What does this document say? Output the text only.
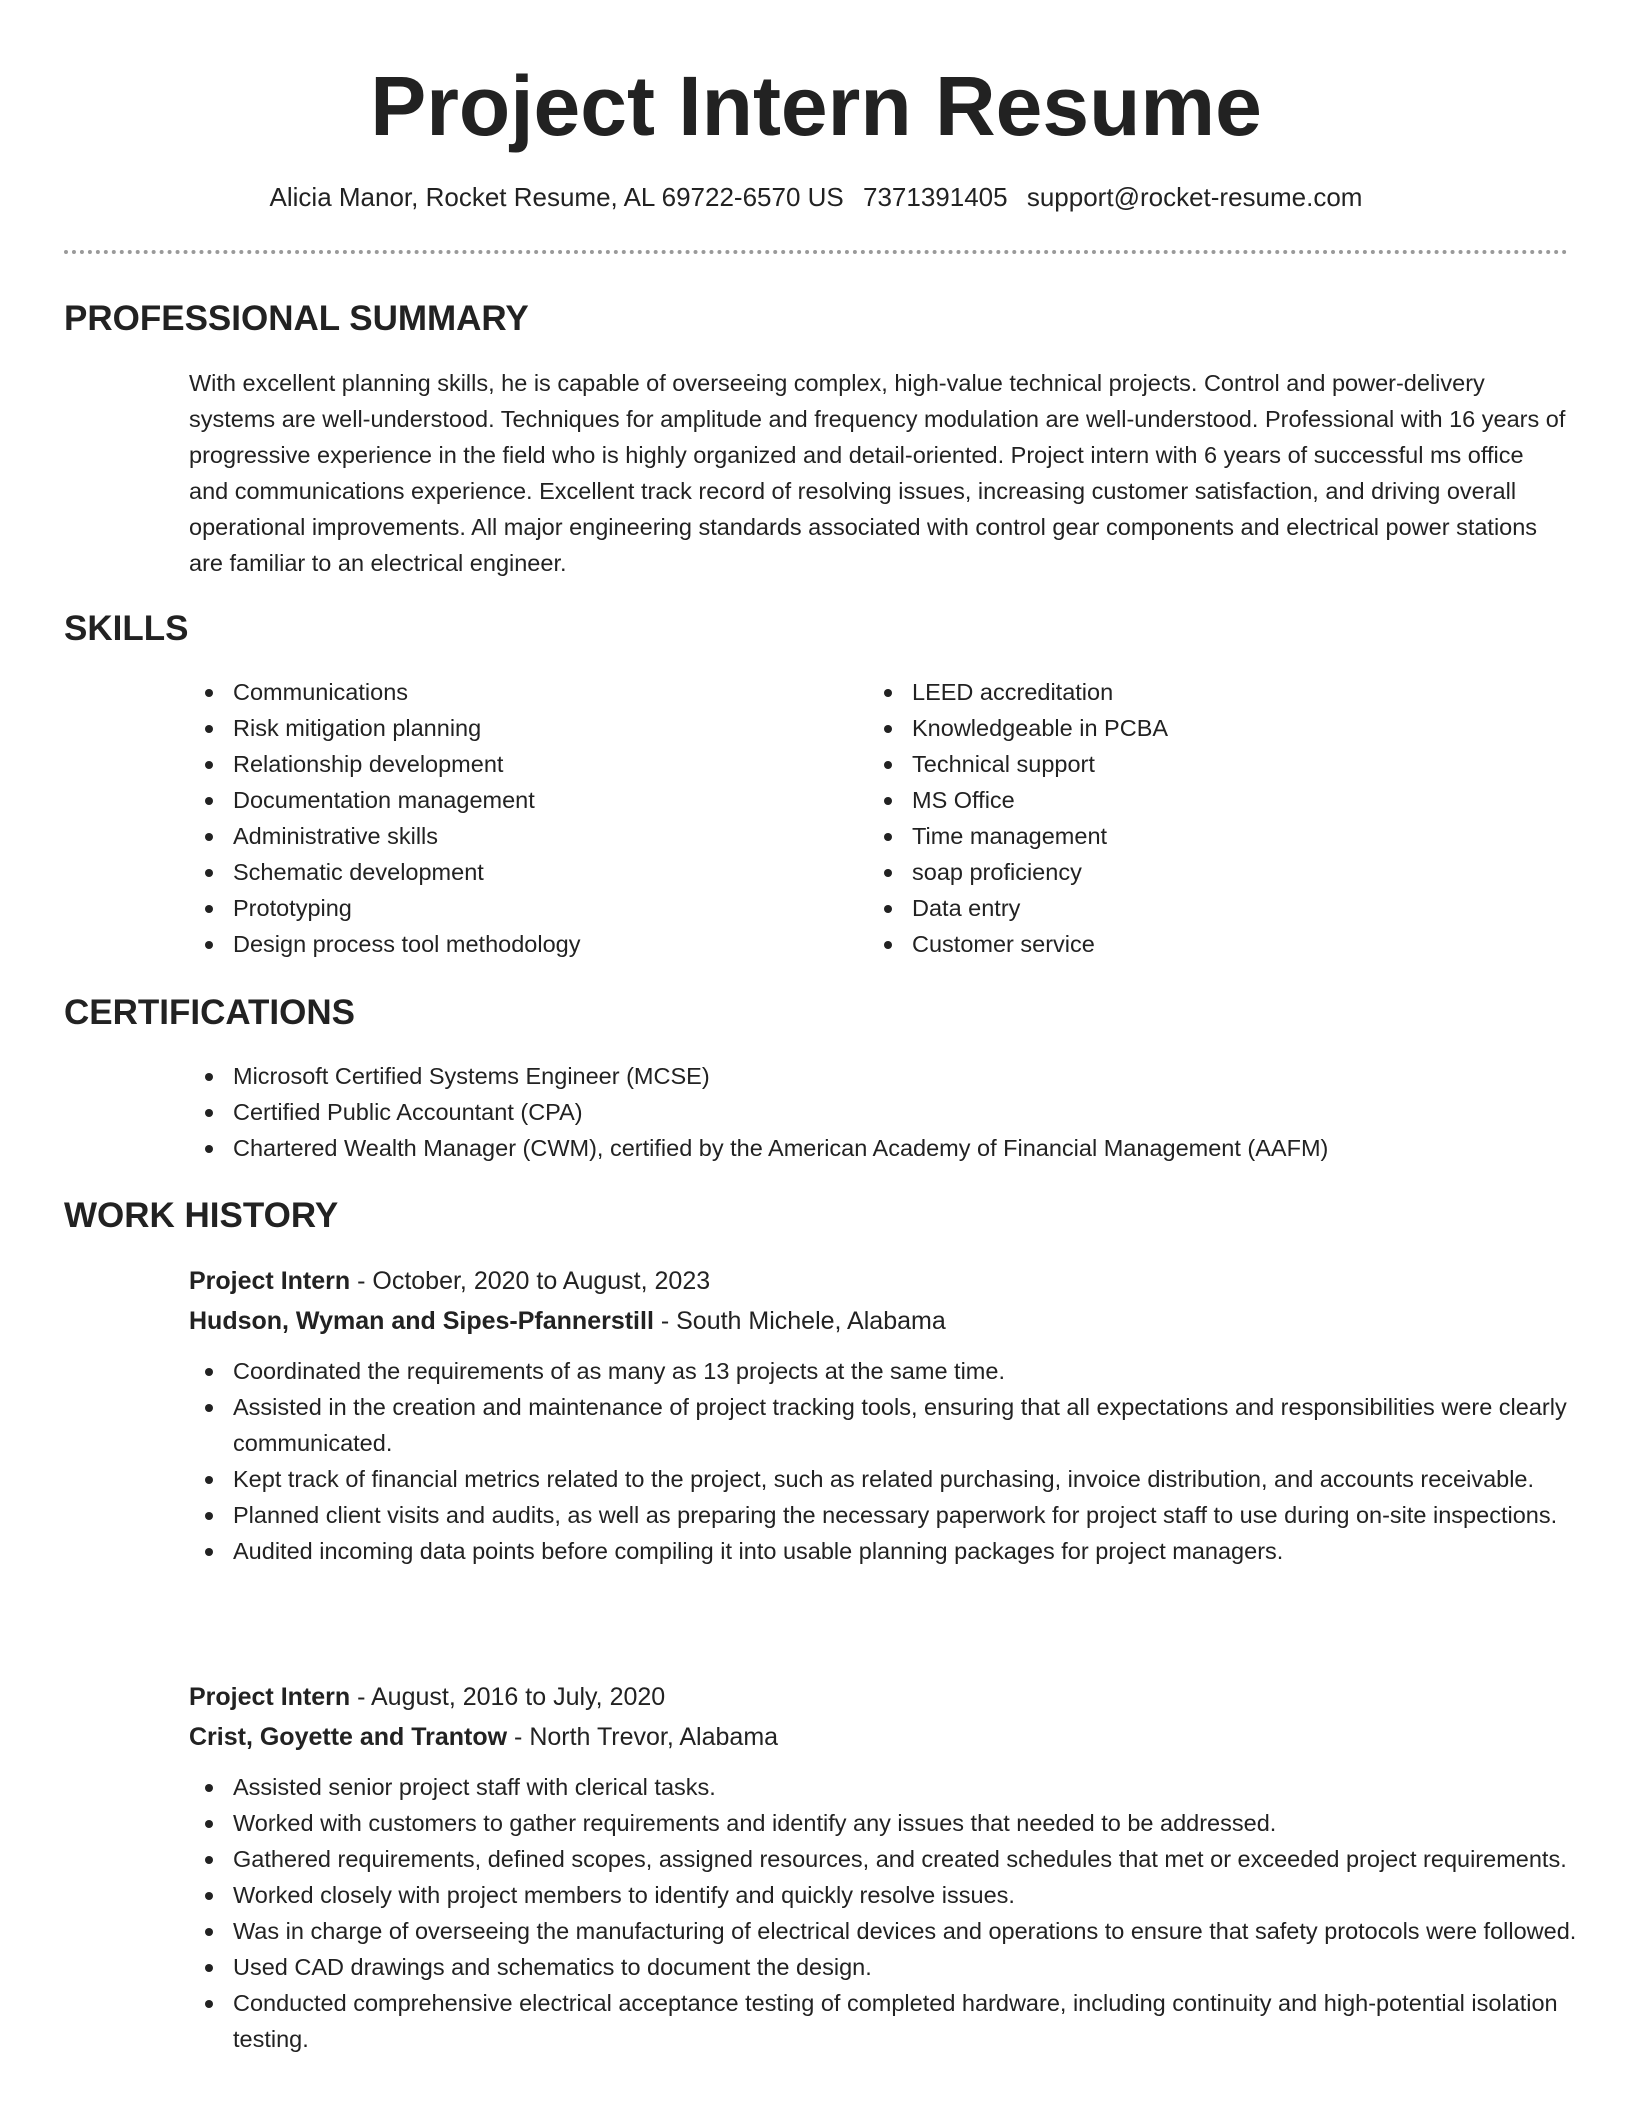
Project Intern Resume
Alicia Manor, Rocket Resume, AL 69722-6570 US 7371391405 support@rocket-resume.com
PROFESSIONAL SUMMARY

With excellent planning skills, he is capable of overseeing complex, high-value technical projects. Control and power-delivery systems are well-understood. Techniques for amplitude and frequency modulation are well-understood. Professional with 16 years of progressive experience in the field who is highly organized and detail-oriented. Project intern with 6 years of successful ms office and communications experience. Excellent track record of resolving issues, increasing customer satisfaction, and driving overall operational improvements. All major engineering standards associated with control gear components and electrical power stations are familiar to an electrical engineer.

SKILLS
Communications
Risk mitigation planning
Relationship development
Documentation management
Administrative skills
Schematic development
Prototyping
Design process tool methodology
LEED accreditation
Knowledgeable in PCBA
Technical support
MS Office
Time management
soap proficiency
Data entry
Customer service
CERTIFICATIONS
Microsoft Certified Systems Engineer (MCSE)
Certified Public Accountant (CPA)
Chartered Wealth Manager (CWM), certified by the American Academy of Financial Management (AAFM)
WORK HISTORY

Project Intern - October, 2020 to August, 2023

Hudson, Wyman and Sipes-Pfannerstill - South Michele, Alabama

Coordinated the requirements of as many as 13 projects at the same time.
Assisted in the creation and maintenance of project tracking tools, ensuring that all expectations and responsibilities were clearly communicated.
Kept track of financial metrics related to the project, such as related purchasing, invoice distribution, and accounts receivable.
Planned client visits and audits, as well as preparing the necessary paperwork for project staff to use during on-site inspections.
Audited incoming data points before compiling it into usable planning packages for project managers.

Project Intern - August, 2016 to July, 2020

Crist, Goyette and Trantow - North Trevor, Alabama

Assisted senior project staff with clerical tasks.
Worked with customers to gather requirements and identify any issues that needed to be addressed.
Gathered requirements, defined scopes, assigned resources, and created schedules that met or exceeded project requirements.
Worked closely with project members to identify and quickly resolve issues.
Was in charge of overseeing the manufacturing of electrical devices and operations to ensure that safety protocols were followed.
Used CAD drawings and schematics to document the design.
Conducted comprehensive electrical acceptance testing of completed hardware, including continuity and high-potential isolation testing.
